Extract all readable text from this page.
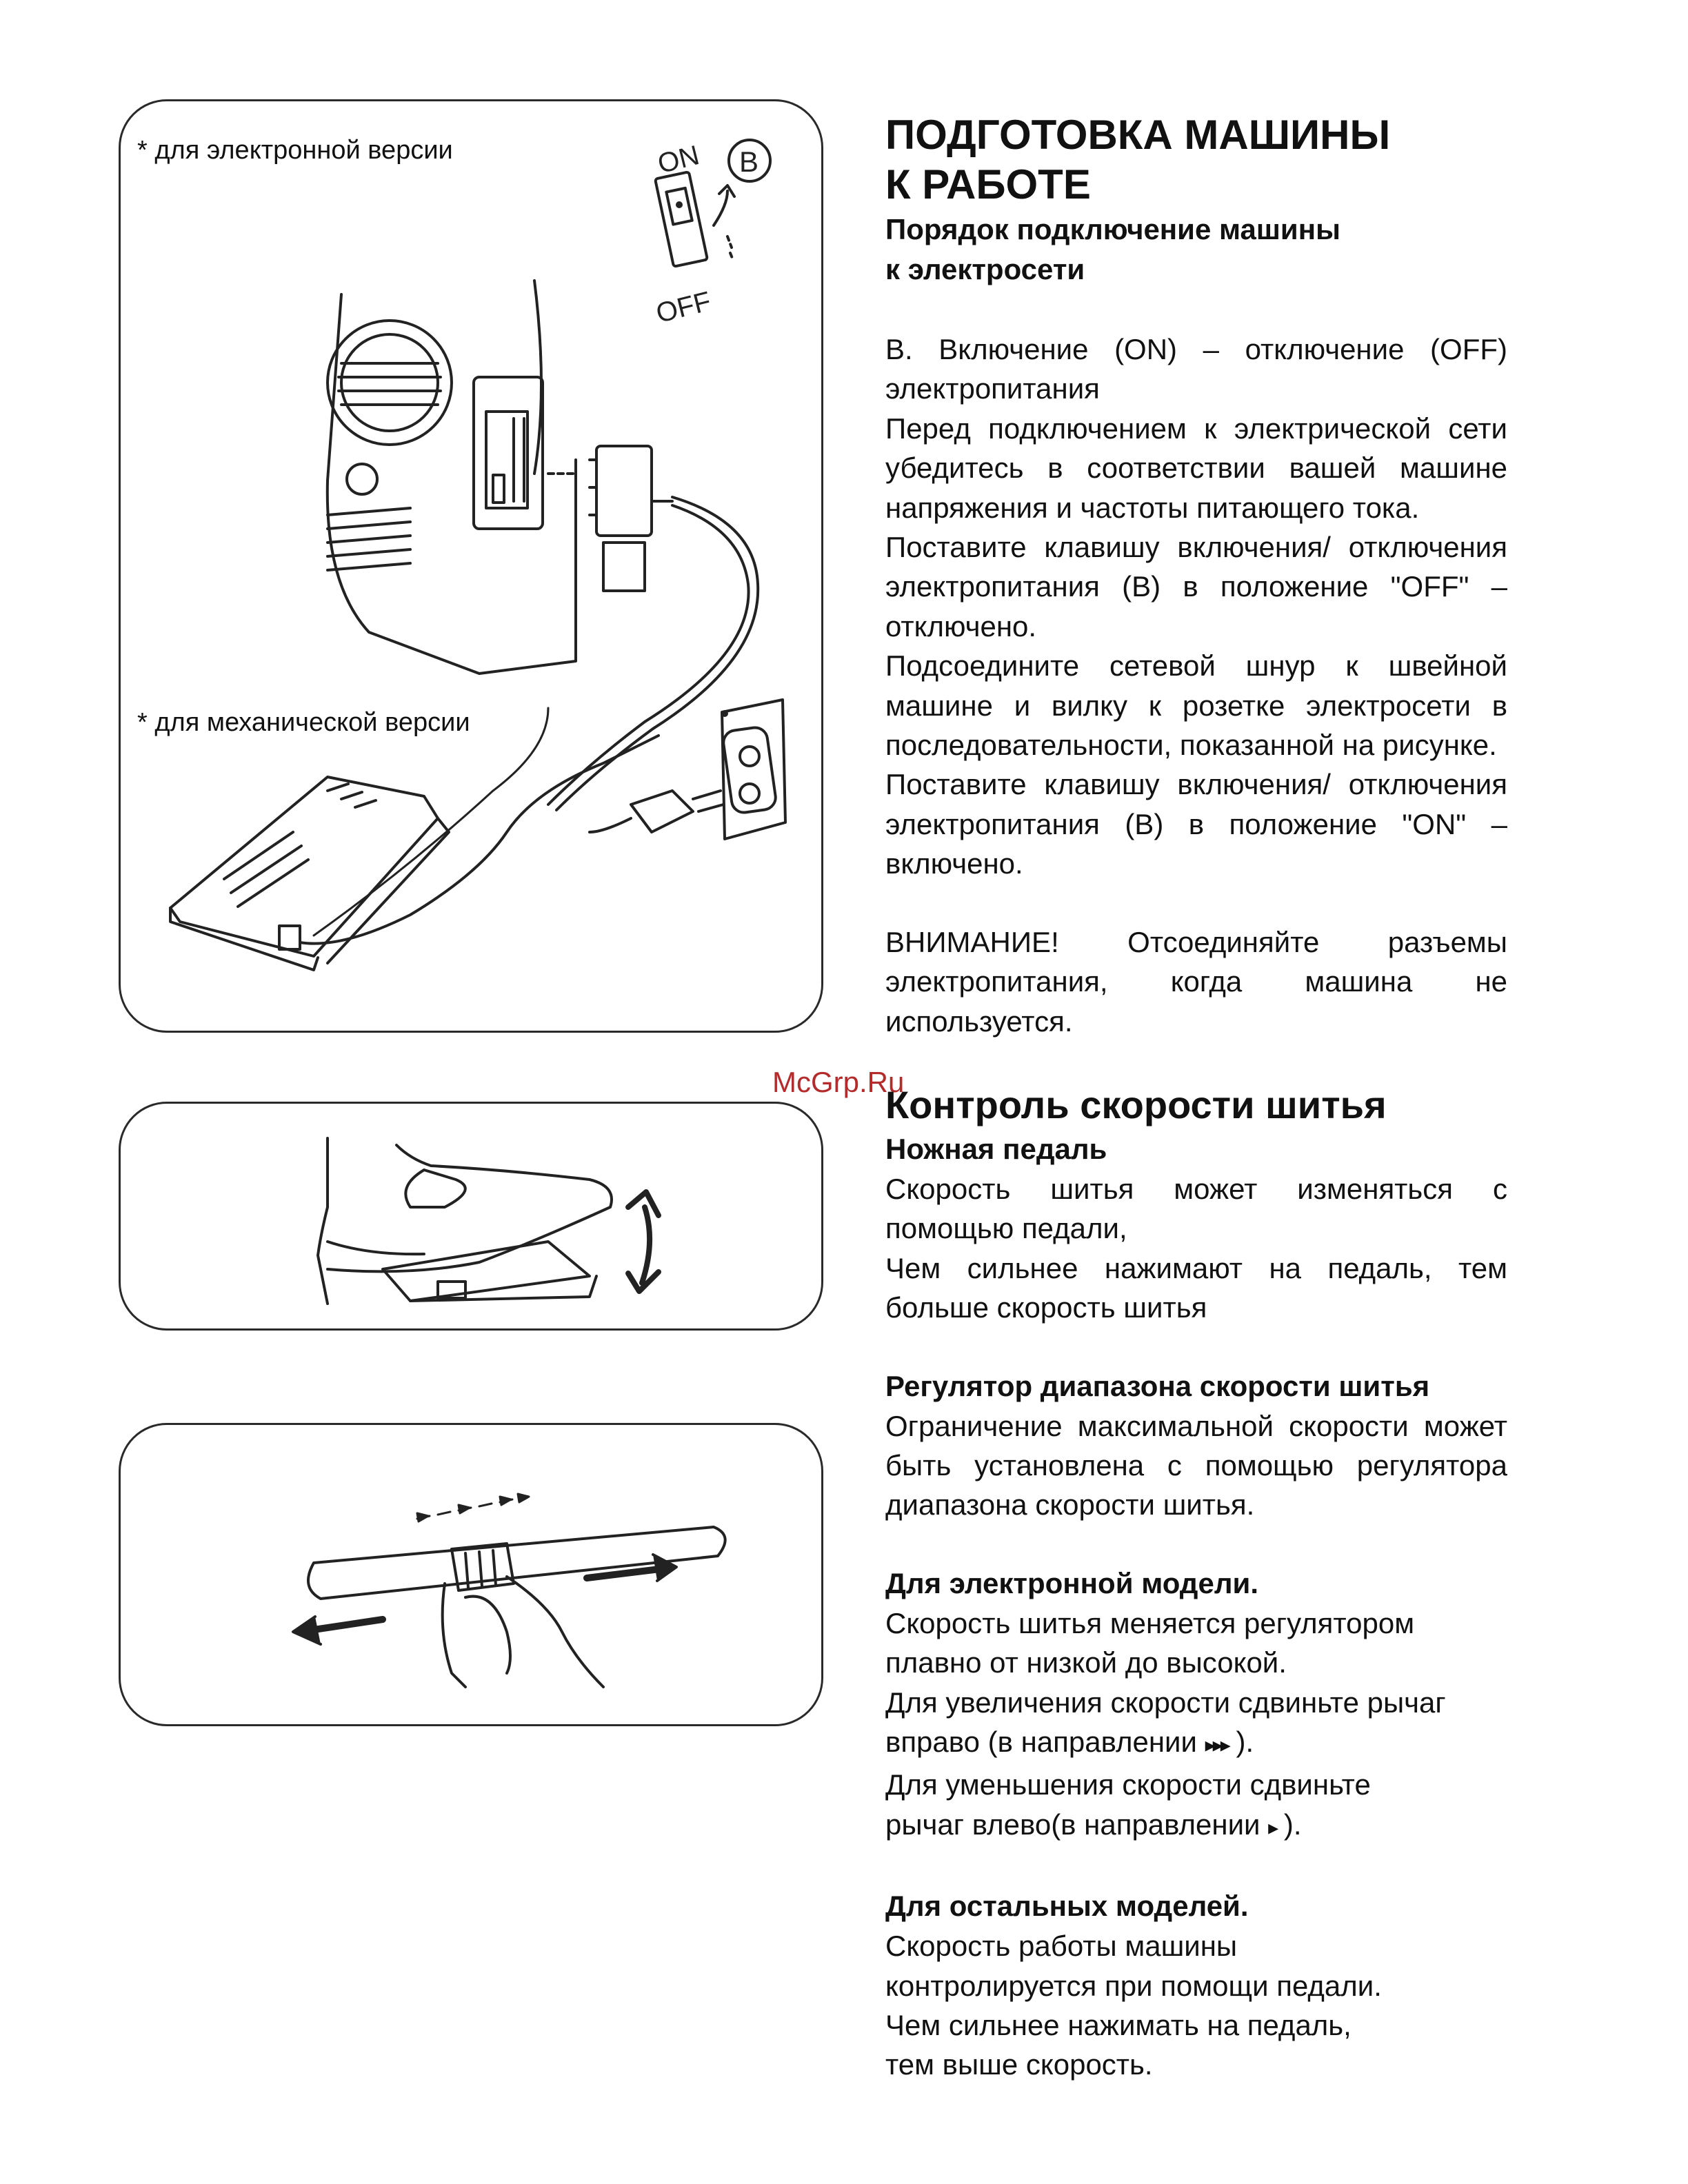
ON
OFF
B
* для электронной версии
* для механической версии
McGrp.Ru

ПОДГОТОВКА МАШИНЫ

К РАБОТЕ

Порядок подключение машины

к электросети

B. Включение (ON) – отключение (OFF) электропитания

Перед подключением к электрической сети убедитесь в соответствии вашей машине напряжения и частоты питающего тока.

Поставите клавишу включения/ отключения электропитания (B) в положение "OFF" – отключено.

Подсоедините сетевой шнур к швейной машине и вилку к розетке электросети в последовательности, показанной на рисунке.

Поставите клавишу включения/ отключения электропитания (B) в положение "ON" – включено.

ВНИМАНИЕ! Отсоединяйте разъемы электропитания, когда машина не используется.

Контроль скорости шитья

Ножная педаль

Скорость шитья может изменяться с помощью педали,

Чем сильнее нажимают на педаль, тем больше скорость шитья

Регулятор диапазона скорости шитья

Ограничение максимальной скорости может быть установлена с помощью регулятора диапазона скорости шитья.

Для электронной модели.

Скорость шитья меняется регулятором

плавно от низкой до высокой.

Для увеличения скорости сдвиньте рычаг

вправо (в направлении ▸▸▸ ).

Для уменьшения скорости сдвиньте

рычаг влево(в направлении ▸ ).

Для остальных моделей.

Скорость работы машины

контролируется при помощи педали.

Чем сильнее нажимать на педаль,

тем выше скорость.
